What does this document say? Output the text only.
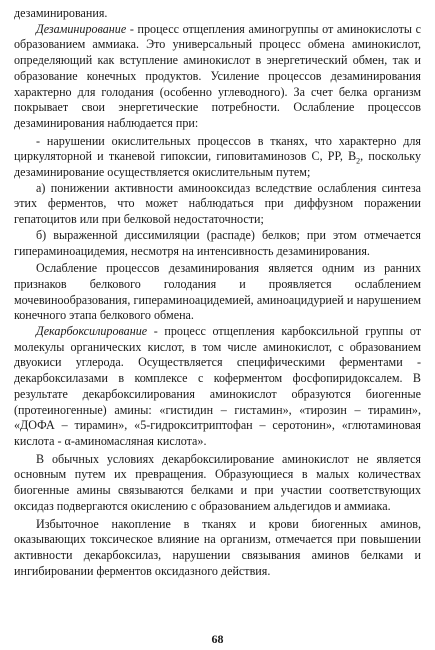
дезаминирования.

Дезаминирование - процесс отщепления аминогруппы от аминокислоты с образованием аммиака. Это универсальный процесс обмена аминокислот, определяющий как вступление аминокислот в энергетический обмен, так и образование конечных продуктов. Усиление процессов дезаминирования характерно для голодания (особенно углеводного). За счет белка организм покрывает свои энергетические потребности. Ослабление процессов дезаминирования наблюдается при:

- нарушении окислительных процессов в тканях, что характерно для циркуляторной и тканевой гипоксии, гиповитаминозов С, PP, $В_2$, поскольку дезаминирование осуществляется окислительным путем;

а) понижении активности аминооксидаз вследствие ослабления синтеза этих ферментов, что может наблюдаться при диффузном поражении гепатоцитов или при белковой недостаточности;

б) выраженной диссимиляции (распаде) белков; при этом отмечается гипераминоацидемия, несмотря на интенсивность дезаминирования.

Ослабление процессов дезаминирования является одним из ранних признаков белкового голодания и проявляется ослаблением мочевинообразования, гипераминоацидемией, аминоацидурией и нарушением конечного этапа белкового обмена.

Декарбоксилирование - процесс отщепления карбоксильной группы от молекулы органических кислот, в том числе аминокислот, с образованием двуокиси углерода. Осуществляется специфическими ферментами - декарбоксилазами в комплексе с коферментом фосфопиридоксалем. В результате декарбоксилирования аминокислот образуются биогенные (протеиногенные) амины: «гистидин – гистамин», «тирозин – тирамин», «ДОФА – тирамин», «5-гидрокситриптофан – серотонин», «глютаминовая кислота - α-аминомасляная кислота».

В обычных условиях декарбоксилирование аминокислот не является основным путем их превращения. Образующиеся в малых количествах биогенные амины связываются белками и при участии соответствующих оксидаз подвергаются окислению с образованием альдегидов и аммиака.

Избыточное накопление в тканях и крови биогенных аминов, оказывающих токсическое влияние на организм, отмечается при повышении активности декарбоксилаз, нарушении связывания аминов белками и ингибировании ферментов оксидазного действия.

68
